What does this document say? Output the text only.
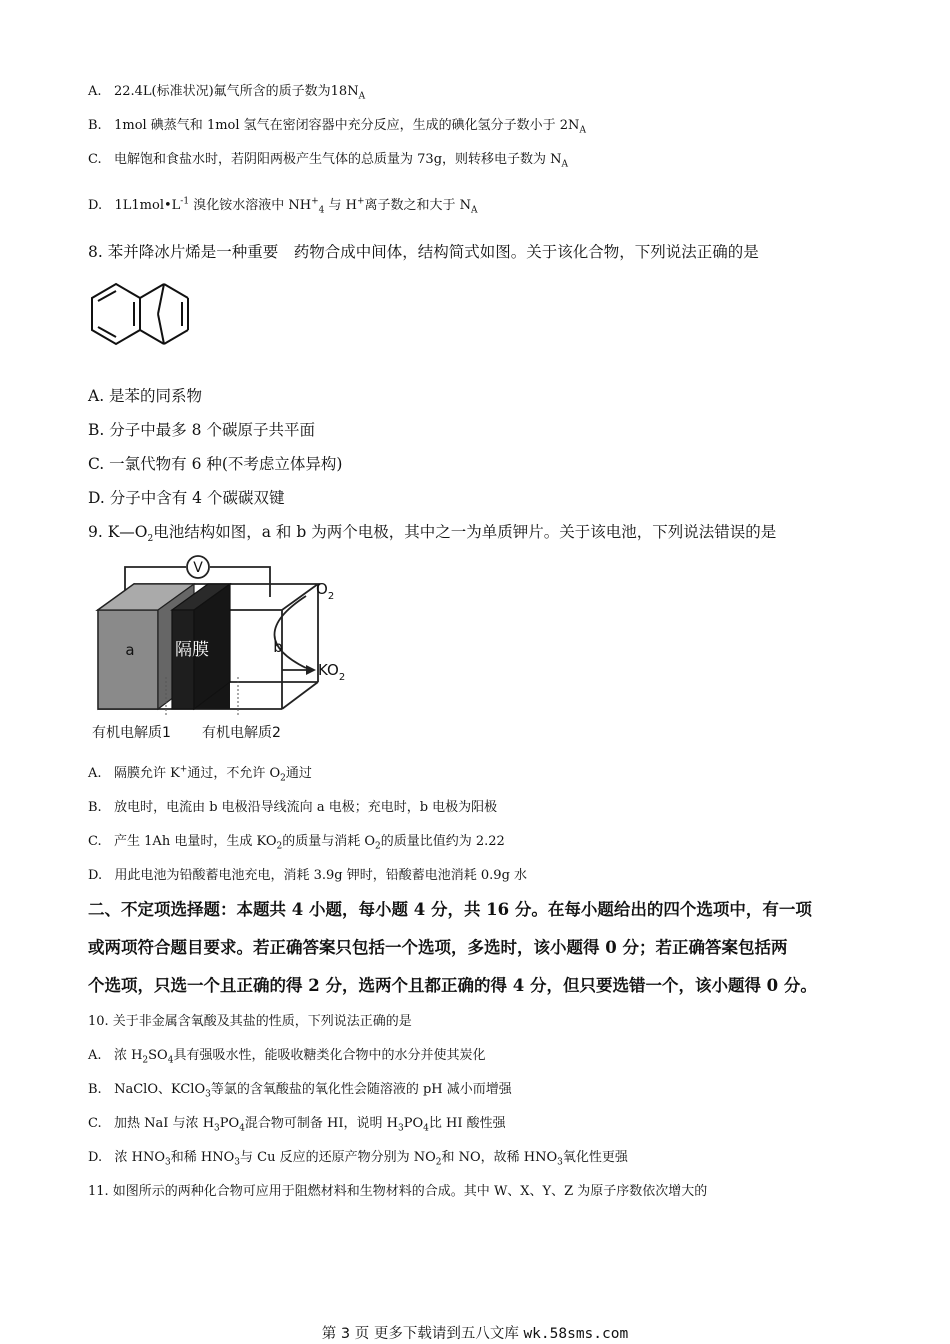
A. 22.4L(标准状况)氟气所含的质子数为$18N_A$
B. 1mol 碘蒸气和 1mol 氢气在密闭容器中充分反应，生成的碘化氢分子数小于 $2N_A$
C. 电解饱和食盐水时，若阴阳两极产生气体的总质量为 73g，则转移电子数为 $N_A$
D. $1L1mol•L^{-1}$ 溴化铵水溶液中 $NH^+_4$ 与 H+离子数之和大于 $N_A$
8. 苯并降冰片烯是一种重要　药物合成中间体，结构简式如图。关于该化合物，下列说法正确的是
A. 是苯的同系物
B. 分子中最多 8 个碳原子共平面
C. 一氯代物有 6 种(不考虑立体异构)
D. 分子中含有 4 个碳碳双键
9. $K—O_2$电池结构如图，a 和 b 为两个电极，其中之一为单质钾片。关于该电池，下列说法错误的是
V
a 隔膜	b
$O_2$
$KO_2$
有机电解质1 有机电解质2
A. 隔膜允许 K+通过，不允许 $O_2$通过
B. 放电时，电流由 b 电极沿导线流向 a 电极；充电时，b 电极为阳极
C. 产生 1Ah 电量时，生成 $KO_2$的质量与消耗 $O_2$的质量比值约为 2.22
D. 用此电池为铅酸蓄电池充电，消耗 3.9g 钾时，铅酸蓄电池消耗 0.9g 水
二、不定项选择题：本题共 4 小题，每小题 4 分，共 16 分。在每小题给出的四个选项中，有一项
或两项符合题目要求。若正确答案只包括一个选项，多选时，该小题得 0 分；若正确答案包括两
个选项，只选一个且正确的得 2 分，选两个且都正确的得 4 分，但只要选错一个，该小题得 0 分。
10. 关于非金属含氧酸及其盐的性质，下列说法正确的是
A. 浓 $H_2SO_4$具有强吸水性，能吸收糖类化合物中的水分并使其炭化
B. NaClO、KClO$_3$等氯的含氧酸盐的氧化性会随溶液的 pH 减小而增强
C. 加热 NaI 与浓 $H_3PO_4$混合物可制备 HI，说明 $H_3PO_4$比 HI 酸性强
D. 浓 $HNO_3$和稀 $HNO_3$与 Cu 反应的还原产物分别为 $NO_2$和 NO，故稀 $HNO_3$氧化性更强
11. 如图所示的两种化合物可应用于阻燃材料和生物材料的合成。其中 W、X、Y、Z 为原子序数依次增大的
第 3 页 更多下载请到五八文库 wk.58sms.com
